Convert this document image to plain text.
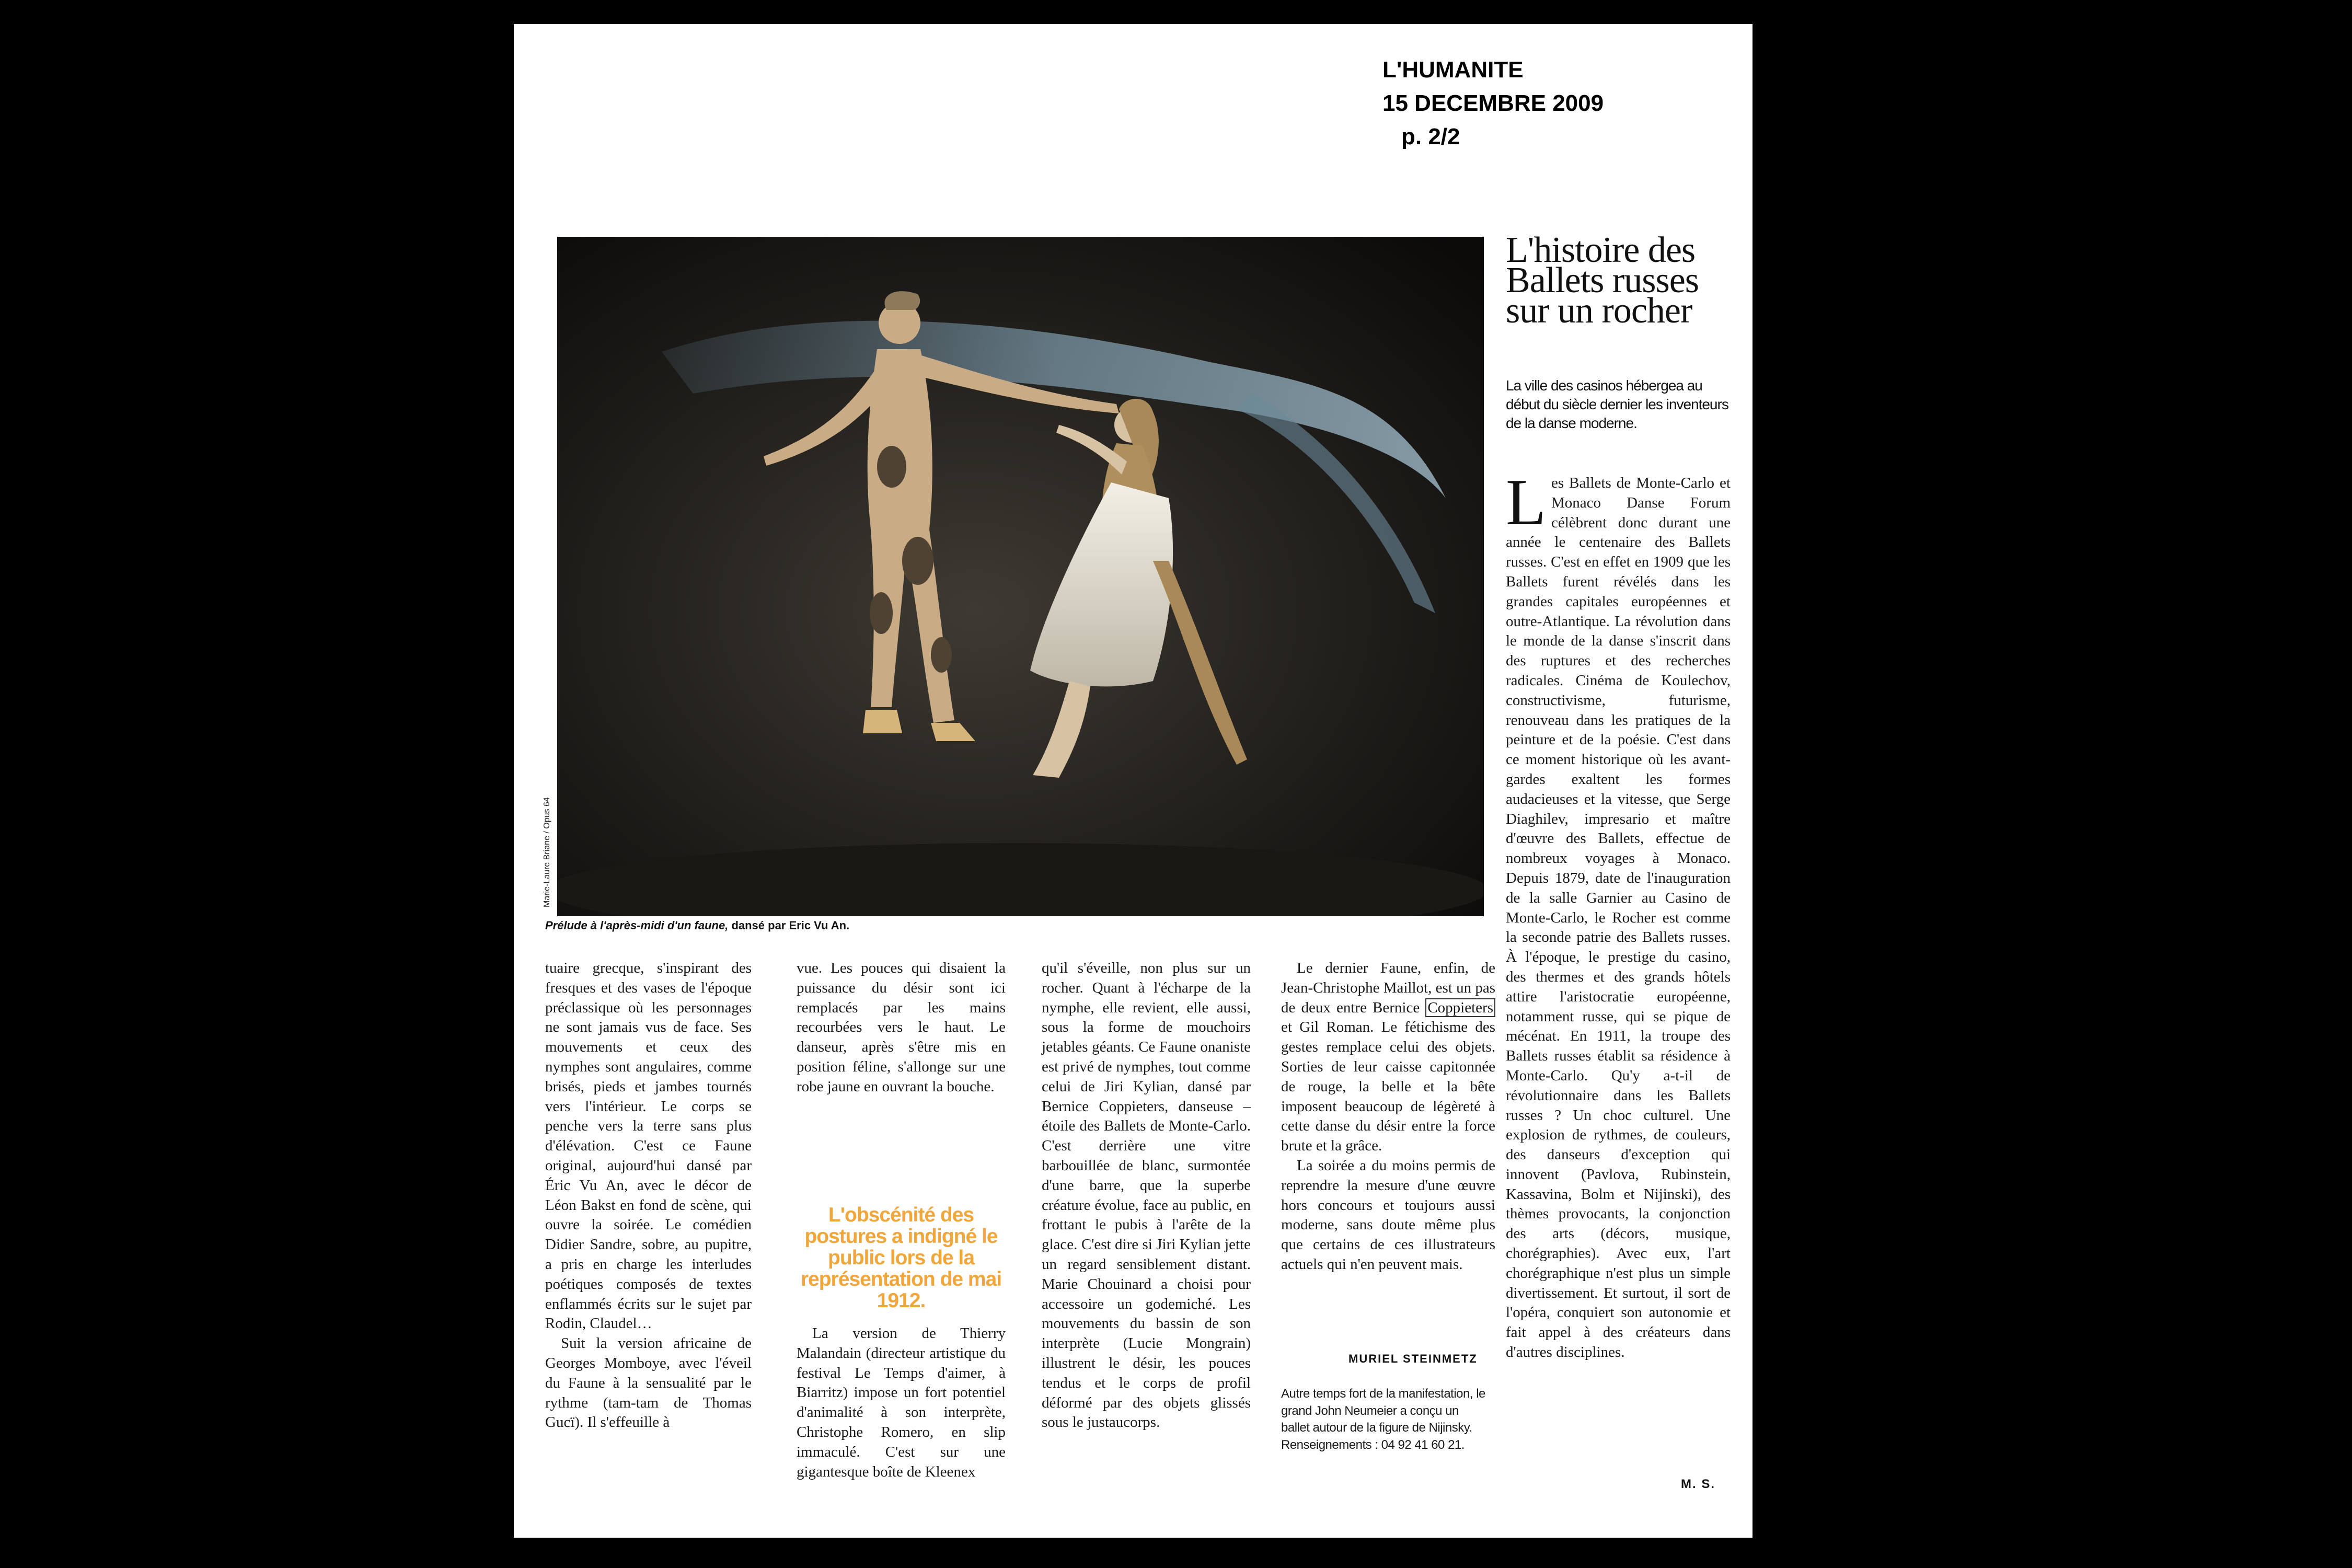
L'HUMANITE
15 DECEMBRE 2009
p. 2/2
Marie-Laure Briane / Opus 64
Prélude à l'après-midi d'un faune, dansé par Eric Vu An.
L'histoire des Ballets russes sur un rocher
La ville des casinos hébergea au début du siècle dernier les inventeurs de la danse moderne.

Les Ballets de Monte-Carlo et Monaco Danse Forum célèbrent donc durant une année le centenaire des Ballets russes. C'est en effet en 1909 que les Ballets furent révélés dans les grandes capitales européennes et outre-Atlantique. La révolution dans le monde de la danse s'inscrit dans des ruptures et des recherches radicales. Cinéma de Koulechov, constructivisme, futurisme, renouveau dans les pratiques de la peinture et de la poésie. C'est dans ce moment historique où les avant-gardes exaltent les formes audacieuses et la vitesse, que Serge Diaghilev, impresario et maître d'œuvre des Ballets, effectue de nombreux voyages à Monaco. Depuis 1879, date de l'inauguration de la salle Garnier au Casino de Monte-Carlo, le Rocher est comme la seconde patrie des Ballets russes. À l'époque, le prestige du casino, des thermes et des grands hôtels attire l'aristocratie européenne, notamment russe, qui se pique de mécénat. En 1911, la troupe des Ballets russes établit sa résidence à Monte-Carlo. Qu'y a-t-il de révolutionnaire dans les Ballets russes ? Un choc culturel. Une explosion de rythmes, de couleurs, des danseurs d'exception qui innovent (Pavlova, Rubinstein, Kassavina, Bolm et Nijinski), des thèmes provocants, la conjonction des arts (décors, musique, chorégraphies). Avec eux, l'art chorégraphique n'est plus un simple divertissement. Et surtout, il sort de l'opéra, conquiert son autonomie et fait appel à des créateurs dans d'autres disciplines.

M. S.

tuaire grecque, s'inspirant des fresques et des vases de l'époque préclassique où les personnages ne sont jamais vus de face. Ses mouvements et ceux des nymphes sont angulaires, comme brisés, pieds et jambes tournés vers l'intérieur. Le corps se penche vers la terre sans plus d'élévation. C'est ce Faune original, aujourd'hui dansé par Éric Vu An, avec le décor de Léon Bakst en fond de scène, qui ouvre la soirée. Le comédien Didier Sandre, sobre, au pupitre, a pris en charge les interludes poétiques composés de textes enflammés écrits sur le sujet par Rodin, Claudel…

Suit la version africaine de Georges Momboye, avec l'éveil du Faune à la sensualité par le rythme (tam-tam de Thomas Gucï). Il s'effeuille à

vue. Les pouces qui disaient la puissance du désir sont ici remplacés par les mains recourbées vers le haut. Le danseur, après s'être mis en position féline, s'allonge sur une robe jaune en ouvrant la bouche.

L'obscénité des postures a indigné le public lors de la représentation de mai 1912.

La version de Thierry Malandain (directeur artistique du festival Le Temps d'aimer, à Biarritz) impose un fort potentiel d'animalité à son interprète, Christophe Romero, en slip immaculé. C'est sur une gigantesque boîte de Kleenex

qu'il s'éveille, non plus sur un rocher. Quant à l'écharpe de la nymphe, elle revient, elle aussi, sous la forme de mouchoirs jetables géants. Ce Faune onaniste est privé de nymphes, tout comme celui de Jiri Kylian, dansé par Bernice Coppieters, danseuse – étoile des Ballets de Monte-Carlo. C'est derrière une vitre barbouillée de blanc, surmontée d'une barre, que la superbe créature évolue, face au public, en frottant le pubis à l'arête de la glace. C'est dire si Jiri Kylian jette un regard sensiblement distant. Marie Chouinard a choisi pour accessoire un godemiché. Les mouvements du bassin de son interprète (Lucie Mongrain) illustrent le désir, les pouces tendus et le corps de profil déformé par des objets glissés sous le justaucorps.

Le dernier Faune, enfin, de Jean-Christophe Maillot, est un pas de deux entre Bernice Coppieters et Gil Roman. Le fétichisme des gestes remplace celui des objets. Sorties de leur caisse capitonnée de rouge, la belle et la bête imposent beaucoup de légèreté à cette danse du désir entre la force brute et la grâce.

La soirée a du moins permis de reprendre la mesure d'une œuvre hors concours et toujours aussi moderne, sans doute même plus que certains de ces illustrateurs actuels qui n'en peuvent mais.

MURIEL STEINMETZ
Autre temps fort de la manifestation, le grand John Neumeier a conçu un ballet autour de la figure de Nijinsky. Renseignements : 04 92 41 60 21.
